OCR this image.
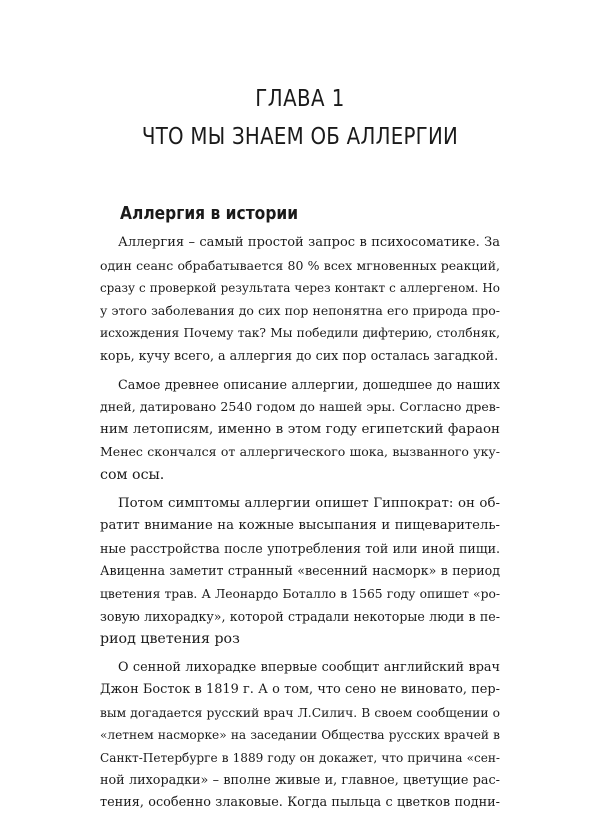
ГЛАВА 1
ЧТО МЫ ЗНАЕМ ОБ АЛЛЕРГИИ
Аллергия в истории
Аллергия – самый простой запрос в психосоматике. За
один сеанс обрабатывается 80 % всех мгновенных реакций,
сразу с проверкой результата через контакт с аллергеном. Но
у этого заболевания до сих пор непонятна его природа про-
исхождения Почему так? Мы победили дифтерию, столбняк,
корь, кучу всего, а аллергия до сих пор осталась загадкой.
Самое древнее описание аллергии, дошедшее до наших
дней, датировано 2540 годом до нашей эры. Согласно древ-
ним летописям, именно в этом году египетский фараон
Менес скончался от аллергического шока, вызванного уку-
сом осы.
Потом симптомы аллергии опишет Гиппократ: он об-
ратит внимание на кожные высыпания и пищеваритель-
ные расстройства после употребления той или иной пищи.
Авиценна заметит странный «весенний насморк» в период
цветения трав. А Леонардо Боталло в 1565 году опишет «ро-
зовую лихорадку», которой страдали некоторые люди в пе-
риод цветения роз
О сенной лихорадке впервые сообщит английский врач
Джон Босток в 1819 г. А о том, что сено не виновато, пер-
вым догадается русский врач Л.Силич. В своем сообщении о
«летнем насморке» на заседании Общества русских врачей в
Санкт-Петербурге в 1889 году он докажет, что причина «сен-
ной лихорадки» – вполне живые и, главное, цветущие рас-
тения, особенно злаковые. Когда пыльца с цветков подни-
